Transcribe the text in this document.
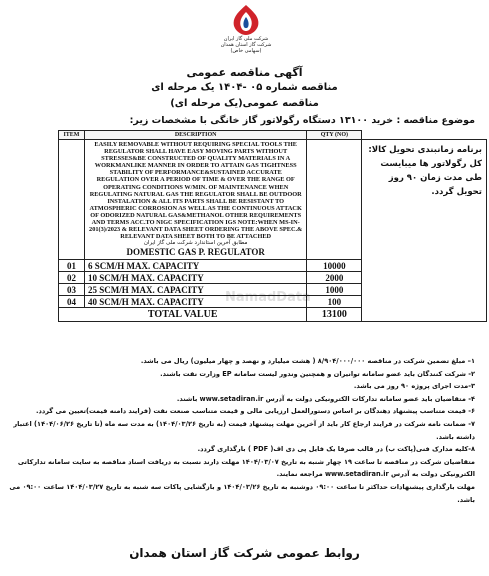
شرکت ملی گاز ایران
شرکت گاز استان همدان
(سهامی خاص)
آگهی مناقصه عمومی
مناقصه شماره ۰۵ -۱۴۰۴ یک مرحله ای
مناقصه عمومی(یک مرحله ای)
موضوع مناقصه : خرید ۱۳۱۰۰ دستگاه رگولاتور گاز خانگی با مشخصات زیر:
ITEM	DESCRIPTION	QTY (NO)	

	EASILY REMOVABLE WITHOUT REQUIRING SPECIAL TOOLS THE REGULATOR SHALL HAVE EASY MOVING PARTS WITHOUT STRESSES&BE CONSTRUCTED OF QUALITY MATERIALS IN A WORKMANLIKE MANNER IN ORDER TO ATTAIN GAS TIGHTNESS STABILITY OF PERFORMANCE&SUSTAINED ACCURATE REGULATION OVER A PERIOD OF TIME & OVER THE RANGE OF OPERATING CONDITIONS W/MIN. OF MAINTENANCE WHEN REGULATING NATURAL GAS THE REGULATOR SHALL BE OUTDOOR INSTALATION & ALL ITS PARTS SHALL BE RESISTANT TO ATMOSPHERIC CORROSION AS WELL AS THE CONTINUOUS ATTACK OF ODORIZED NATURAL GAS&METHANOL OTHER REQUIREMENTS AND TERMS ACC.TO NIGC SPECIFICATION IGS NOTE:WHEN MS-IN-201(3)/2023 & RELEVANT DATA SHEET ORDERING THE ABOVE SPEC.& RELEVANT DATA SHEET BOTH TO BE ATTACHED
مطابق آخرین استاندارد شرکت ملی گاز ایران
DOMESTIC GAS P. REGULATOR		برنامه زمانبندی تحویل کالا: کل رگولاتور ها میبایست طی مدت زمان ۹۰ روز تحویل گردد.
01	6 SCM/H MAX. CAPACITY	10000	
02	10 SCM/H MAX. CAPACITY	2000	
03	25 SCM/H MAX. CAPACITY	1000	
04	40 SCM/H MAX. CAPACITY	100	
TOTAL VALUE		13100	
NamadData

۱– مبلغ تضمین شرکت در مناقصه ۸/۹۰۴/۰۰۰/۰۰۰ ( هشت میلیارد و نهصد و چهار میلیون) ریال می باشد.

۲- شرکت کنندگان باید عضو سامانه توانیران و همچنین وندور لیست سامانه EP وزارت نفت باشند.

۳-مدت اجرای پروژه ۹۰ روز می باشد.

۴- متقاضیان باید عضو سامانه تدارکات الکترونیکی دولت به آدرس www.setadiran.ir باشند.

۶- قیمت متناسب پیشنهاد دهندگان بر اساس دستورالعمل ارزیابی مالی و قیمت متناسب صنعت نفت (فرایند دامنه قیمت)تعیین می گردد.

۷- ضمانت نامه شرکت در فرایند ارجاع کار باید از آخرین مهلت پیشنهاد قیمت (به تاریخ ۱۴۰۴/۰۳/۲۶) به مدت سه ماه (تا تاریخ ۱۴۰۴/۰۶/۲۶) اعتبار داشته باشد.

۸-کلیه مدارک فنی(پاکت ب) در قالب صرفا یک فایل پی دی اف( PDF ) بارگذاری گردد.

متقاضیان شرکت در مناقصه تا ساعت ۱۹ چهار شنبه به تاریخ ۱۴۰۴/۰۳/۰۷ مهلت دارند نسبت به دریافت اسناد مناقصه به سایت سامانه تدارکاتی الکترونیکی دولت به آدرس www.setadiran.ir مراجعه نمایند.

مهلت بارگذاری پیشنهادات حداکثر تا ساعت ۰۹:۰۰ دوشنبه به تاریخ ۱۴۰۴/۰۳/۲۶ و بازگشایی پاکات سه شنبه به تاریخ ۱۴۰۴/۰۳/۲۷ ساعت ۰۹:۰۰ می باشد.

روابط عمومی شرکت گاز استان همدان
